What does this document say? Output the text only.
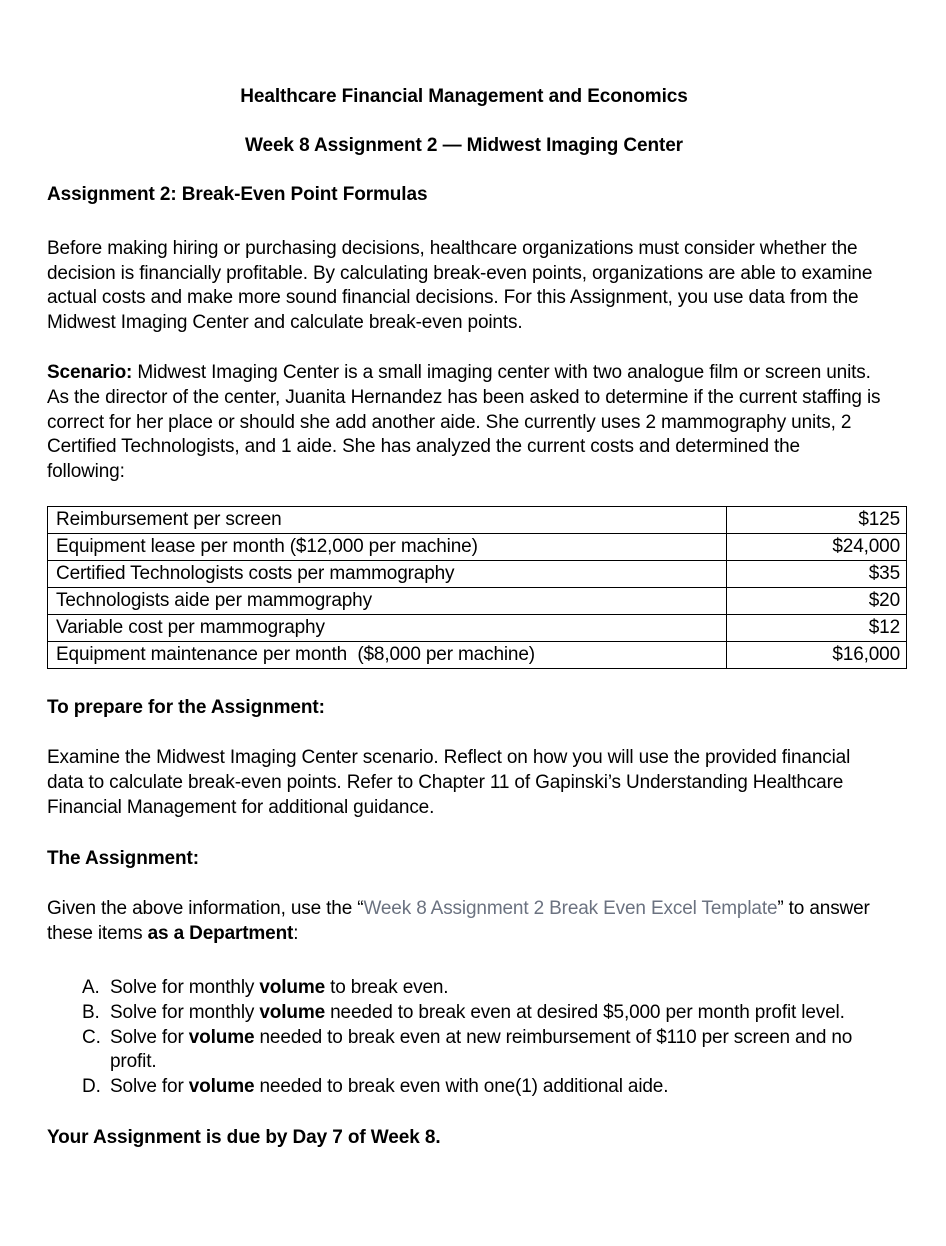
Healthcare Financial Management and Economics
Week 8 Assignment 2 — Midwest Imaging Center
Assignment 2: Break-Even Point Formulas

Before making hiring or purchasing decisions, healthcare organizations must consider whether the decision is financially profitable. By calculating break-even points, organizations are able to examine actual costs and make more sound financial decisions. For this Assignment, you use data from the Midwest Imaging Center and calculate break-even points.

Scenario: Midwest Imaging Center is a small imaging center with two analogue film or screen units. As the director of the center, Juanita Hernandez has been asked to determine if the current staffing is correct for her place or should she add another aide. She currently uses 2 mammography units, 2 Certified Technologists, and 1 aide. She has analyzed the current costs and determined the following:

Reimbursement per screen	$125
Equipment lease per month ($12,000 per machine)	$24,000
Certified Technologists costs per mammography	$35
Technologists aide per mammography	$20
Variable cost per mammography	$12
Equipment maintenance per month  ($8,000 per machine)	$16,000
To prepare for the Assignment:

Examine the Midwest Imaging Center scenario. Reflect on how you will use the provided financial data to calculate break-even points. Refer to Chapter 11 of Gapinski’s Understanding Healthcare Financial Management for additional guidance.

The Assignment:

Given the above information, use the “Week 8 Assignment 2 Break Even Excel Template” to answer these items as a Department:

A. Solve for monthly volume to break even.
B. Solve for monthly volume needed to break even at desired $5,000 per month profit level.
C. Solve for volume needed to break even at new reimbursement of $110 per screen and no profit.
D. Solve for volume needed to break even with one(1) additional aide.
Your Assignment is due by Day 7 of Week 8.
